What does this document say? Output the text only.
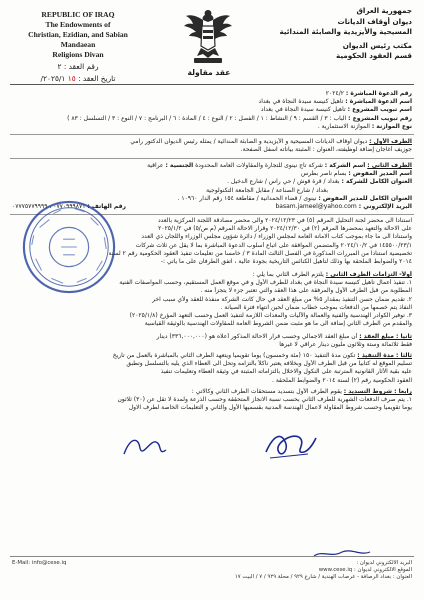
REPUBLIC OF IRAQ
The Endowments of
Christian, Ezidian, and Sabian Mandaean
Religions Divan
رقم العقد : ٢
تاريخ العقد : ١٥ ٢٠٢٥/١/
عقد مقاولة
جمهورية العراق
ديوان أوقاف الديانات
المسيحية والأيزيدية والصابئة المندائية
مكتب رئيس الديوان
قسم العقود الحكومية
رقم الدعوة المباشرة : ٢٠٢٤/٢
أسم الدعوة المباشرة : تأهيل كنيسة سيدة النجاة في بغداد
أسم تبويب المشروع : تأهيل كنيسة سيدة النجاة في بغداد
رقم تبويب المشروع : الباب : ٣ / القسم : ٩ / النشاط : ١ / الفصل : ٢ / النوع : ٤ / المادة : ٦ / البرنامج : ٧ / النوع : ٣ / التسلسل : ٨٣ )
نوع الموازنة : الموازنة الاستثمارية .
الطرف الأول : ديوان أوقاف الديانات المسيحية و الأيزيدية و الصابئة المندائية / يمثله رئيس الديوان الدكتور رامي
جوزيف أغاجان إضافة لوظيفته، العنوان : المثبتة بياناته اسفل الصفحة.
الطرف الثاني : أسم الشركة : شركة تاج نينوى للتجارة والمقاولات العامة المحدودة الجنسية : عراقية
أسم المدير المفوض : بسام ناصر بطرس
العنوان الكامل للشركة : بغداد / قرة قوش / حي راس / شارع الدخيل .
بغداد / شارع الصناعة / مقابل الجامعة التكنولوجية
العنوان الكامل للمدير المفوض : نينوى / قضاء الحمدانية / مقاطعة ١٥٤ رقم الدار ١٠٩٦٠ .
البريد الإلكتروني : basam.jameel@yahoo.com
رقم الهاتف : ٠٧٧٠٩٩٩٨٧١ ، ٠٧٧٧٥٧٧٩٩٩٩
استناداً الى محضر لجنة التحليل المرقم (٥) في ٢٠٢٤/١٢/٢٣ والى محضر مصادقة اللجنة المركزية بالعدد
على الاحالة والتعهد بمحضرها المرقم (٢) في ٢٠٢٤/١٢/٣٠ وقرار الاحالة المرقم (م ص/٥) في ٢٠٢٥/١/٢
واستناداً الى ما جاء بموجب كتاب الامانة العامة لمجلس الوزراء / دائرة شؤون مجلس الوزراء واللجان ذي العدد
١٤٥٥٠٠/٢٣/١ في ٢٠٢٤/١٠/٢ والمتضمن الموافقة على اتباع أسلوب الدعوة المباشرة بما لا يقل عن ثلاث شركات
تخصيصية استناداً من المبررات المذكورة في الفصل الثالث المادة ٣ / خامساً من تعليمات تنفيذ العقود الحكومية رقم ٢ لسنة
٢٠١٤ والضوابط الملحقة بها وذلك لتأهيل الكنائس التاريخية بجودة عالية ، اتفق الطرفان على ما يأتي :-
أولاً- التزامات الطرف الثاني : يلتزم الطرف الثاني بما يلي :
١. تنفيذ أعمال تأهيل كنيسة سيدة النجاة في بغداد للطرف الأول و في موقع العمل المستقيم، وحسب المواصفات الفنية
المطلوبة من قبل الطرف الأول والمرفقة على هذا العقد والتي تعتبر جزء لا يتجزأ منه .
٢. تقديم ضمان حسن التنفيذ بمقدار ٥% من مبلغ العقد في حال كانت الشركة منفذة للعقد ولأي سبب آخر
النفاذ يتم خصمها من الدفعات بموجب خطاب ضمان لحين انتهاء فترة الصيانة .
٣. توفير الكوادر الهندسية والفنية والعمالة والآليات والمعدات اللازمة لتنفيذ العمل وحسب التعهد المؤرخ (٢٠٢٥/١/٨)
والمقدم من الطرف الثاني إضافة الى ما هو مثبت ضمن الشروط العامة للمقاولات الهندسية بالوثيقة القياسية
ثانياً : مبلغ العقد : أن مبلغ العقد الاجمالي وحسب قرار الاحالة المذكور أعلاه هو (٣٣٦,٠٠٠,٠٠٠) دينار
فقط ثلاثمائة وستة وثلاثون مليون دينار عراقي لا غيرها
ثالثاً : مدة التنفيذ : تكون مدة التنفيذ ١٥٠ (مئة وخمسون) يوماً تقويمياً ويتعهد الطرف الثاني بالمباشرة بالعمل من تاريخ
تسليم الموقع له كتابياً من قبل الطرف الأول وبخلافه يعتبر ناكلاً بالتزامه وتحل الى العطاء الذي يليه بالتسلسل وتطبق
عليه بقية الأثار القانونية المترتبة على النكول والاخلال بالتزاماته المثبتة في وثيقة العطاء وتعليمات تنفيذ
العقود الحكومية رقم (٢) لسنة ٢٠١٤ والضوابط الملحقة .
رابعاً : شروط التسديد : يقوم الطرف الأول بتسديد مستحقات الطرف الثاني وكالاتي :
١. يتم صرف الدفعات الشهرية للطرف الثاني بحسب نسبة الانجاز المتحققة وحسب الذرعة ولمدة لا تقل عن (٣٠) ثلاثون
يوماً تقويمياً وحسب شروط المقاولة لاعمال الهندسة المدنية بقسميها الأول والثاني و التعليمات الخاصة لطرف الاول
البريد الالكتروني لديوان :
E-Mail: info@cese.iq
الموقع الالكتروني لديوان : www.cese.iq
العنوان : بغداد الرصافة - عرصات الهندية / شارع ٩٢٩ / محلة ٩٢٩ / ٧ / البيت ١٧
